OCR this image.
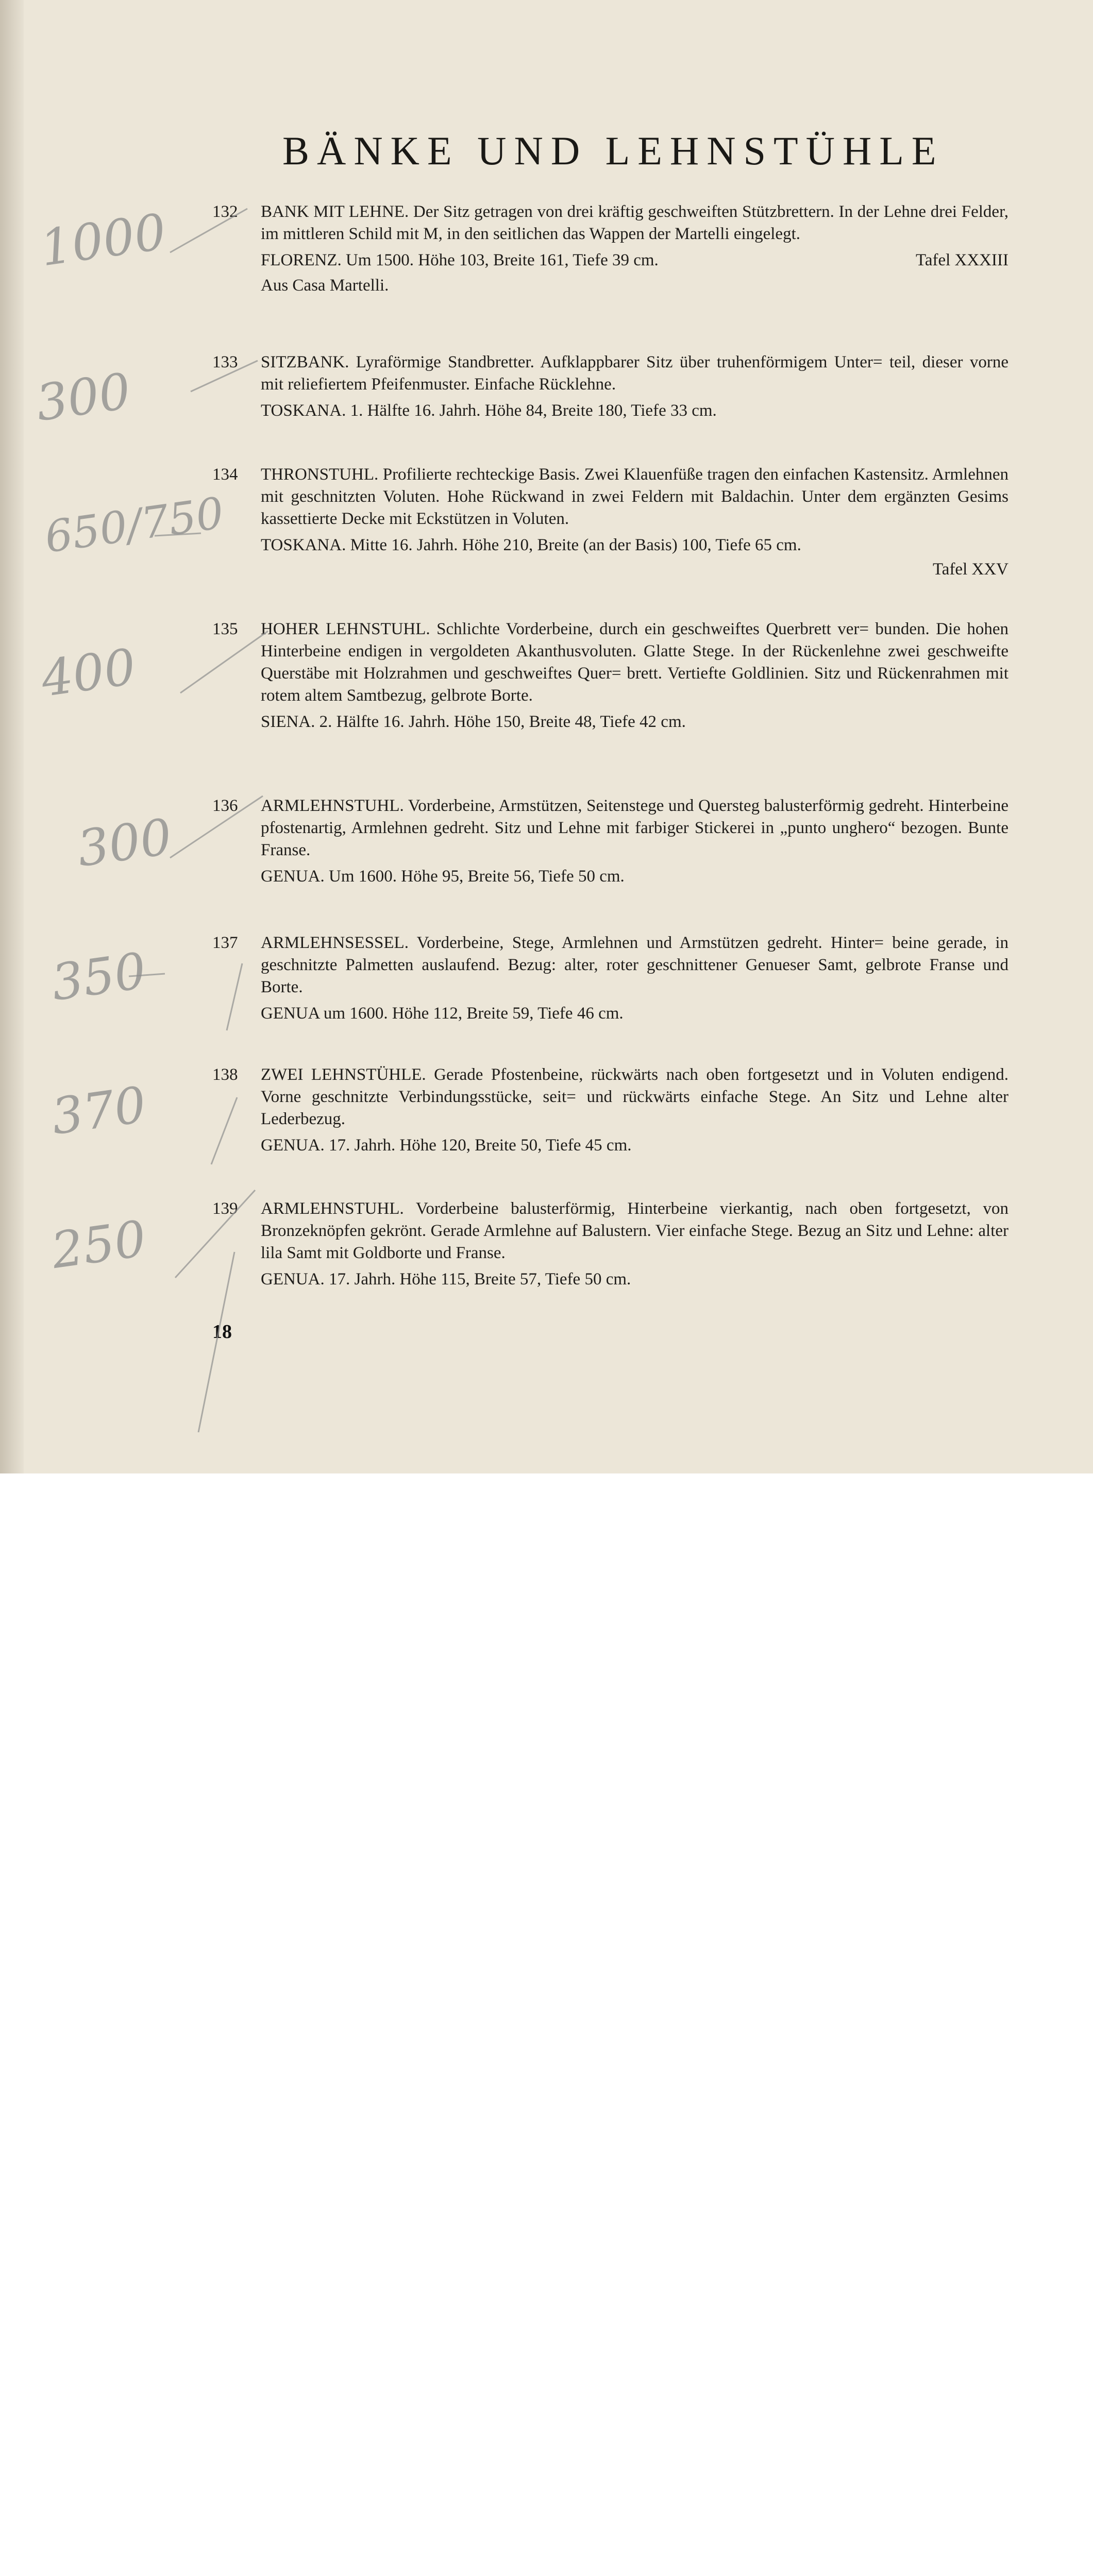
BÄNKE UND LEHNSTÜHLE
132	BANK MIT LEHNE. Der Sitz getragen von drei kräftig geschweiften Stützbrettern. In der Lehne drei Felder, im mittleren Schild mit M, in den seitlichen das Wappen der Martelli eingelegt.

FLORENZ. Um 1500. Höhe 103, Breite 161, Tiefe 39 cm.	Tafel XXXIII
Aus Casa Martelli.
133	SITZBANK. Lyraförmige Standbretter. Aufklappbarer Sitz über truhenförmigem Unter= teil, dieser vorne mit reliefiertem Pfeifenmuster. Einfache Rücklehne.

TOSKANA. 1. Hälfte 16. Jahrh. Höhe 84, Breite 180, Tiefe 33 cm.
134	THRONSTUHL. Profilierte rechteckige Basis. Zwei Klauenfüße tragen den einfachen Kastensitz. Armlehnen mit geschnitzten Voluten. Hohe Rückwand in zwei Feldern mit Baldachin. Unter dem ergänzten Gesims kassettierte Decke mit Eckstützen in Voluten.

TOSKANA. Mitte 16. Jahrh. Höhe 210, Breite (an der Basis) 100, Tiefe 65 cm.
Tafel XXV
135	HOHER LEHNSTUHL. Schlichte Vorderbeine, durch ein geschweiftes Querbrett ver= bunden. Die hohen Hinterbeine endigen in vergoldeten Akanthusvoluten. Glatte Stege. In der Rückenlehne zwei geschweifte Querstäbe mit Holzrahmen und geschweiftes Quer= brett. Vertiefte Goldlinien. Sitz und Rückenrahmen mit rotem altem Samtbezug, gelbrote Borte.

SIENA. 2. Hälfte 16. Jahrh. Höhe 150, Breite 48, Tiefe 42 cm.
136	ARMLEHNSTUHL. Vorderbeine, Armstützen, Seitenstege und Quersteg balusterförmig gedreht. Hinterbeine pfostenartig, Armlehnen gedreht. Sitz und Lehne mit farbiger Stickerei in „punto unghero“ bezogen. Bunte Franse.

GENUA. Um 1600. Höhe 95, Breite 56, Tiefe 50 cm.
137	ARMLEHNSESSEL. Vorderbeine, Stege, Armlehnen und Armstützen gedreht. Hinter= beine gerade, in geschnitzte Palmetten auslaufend. Bezug: alter, roter geschnittener Genueser Samt, gelbrote Franse und Borte.

GENUA um 1600. Höhe 112, Breite 59, Tiefe 46 cm.
138	ZWEI LEHNSTÜHLE. Gerade Pfostenbeine, rückwärts nach oben fortgesetzt und in Voluten endigend. Vorne geschnitzte Verbindungsstücke, seit= und rückwärts einfache Stege. An Sitz und Lehne alter Lederbezug.

GENUA. 17. Jahrh. Höhe 120, Breite 50, Tiefe 45 cm.
139	ARMLEHNSTUHL. Vorderbeine balusterförmig, Hinterbeine vierkantig, nach oben fortgesetzt, von Bronzeknöpfen gekrönt. Gerade Armlehne auf Balustern. Vier einfache Stege. Bezug an Sitz und Lehne: alter lila Samt mit Goldborte und Franse.

GENUA. 17. Jahrh. Höhe 115, Breite 57, Tiefe 50 cm.
18
1000
300
650/750
400
300
350
370
250
